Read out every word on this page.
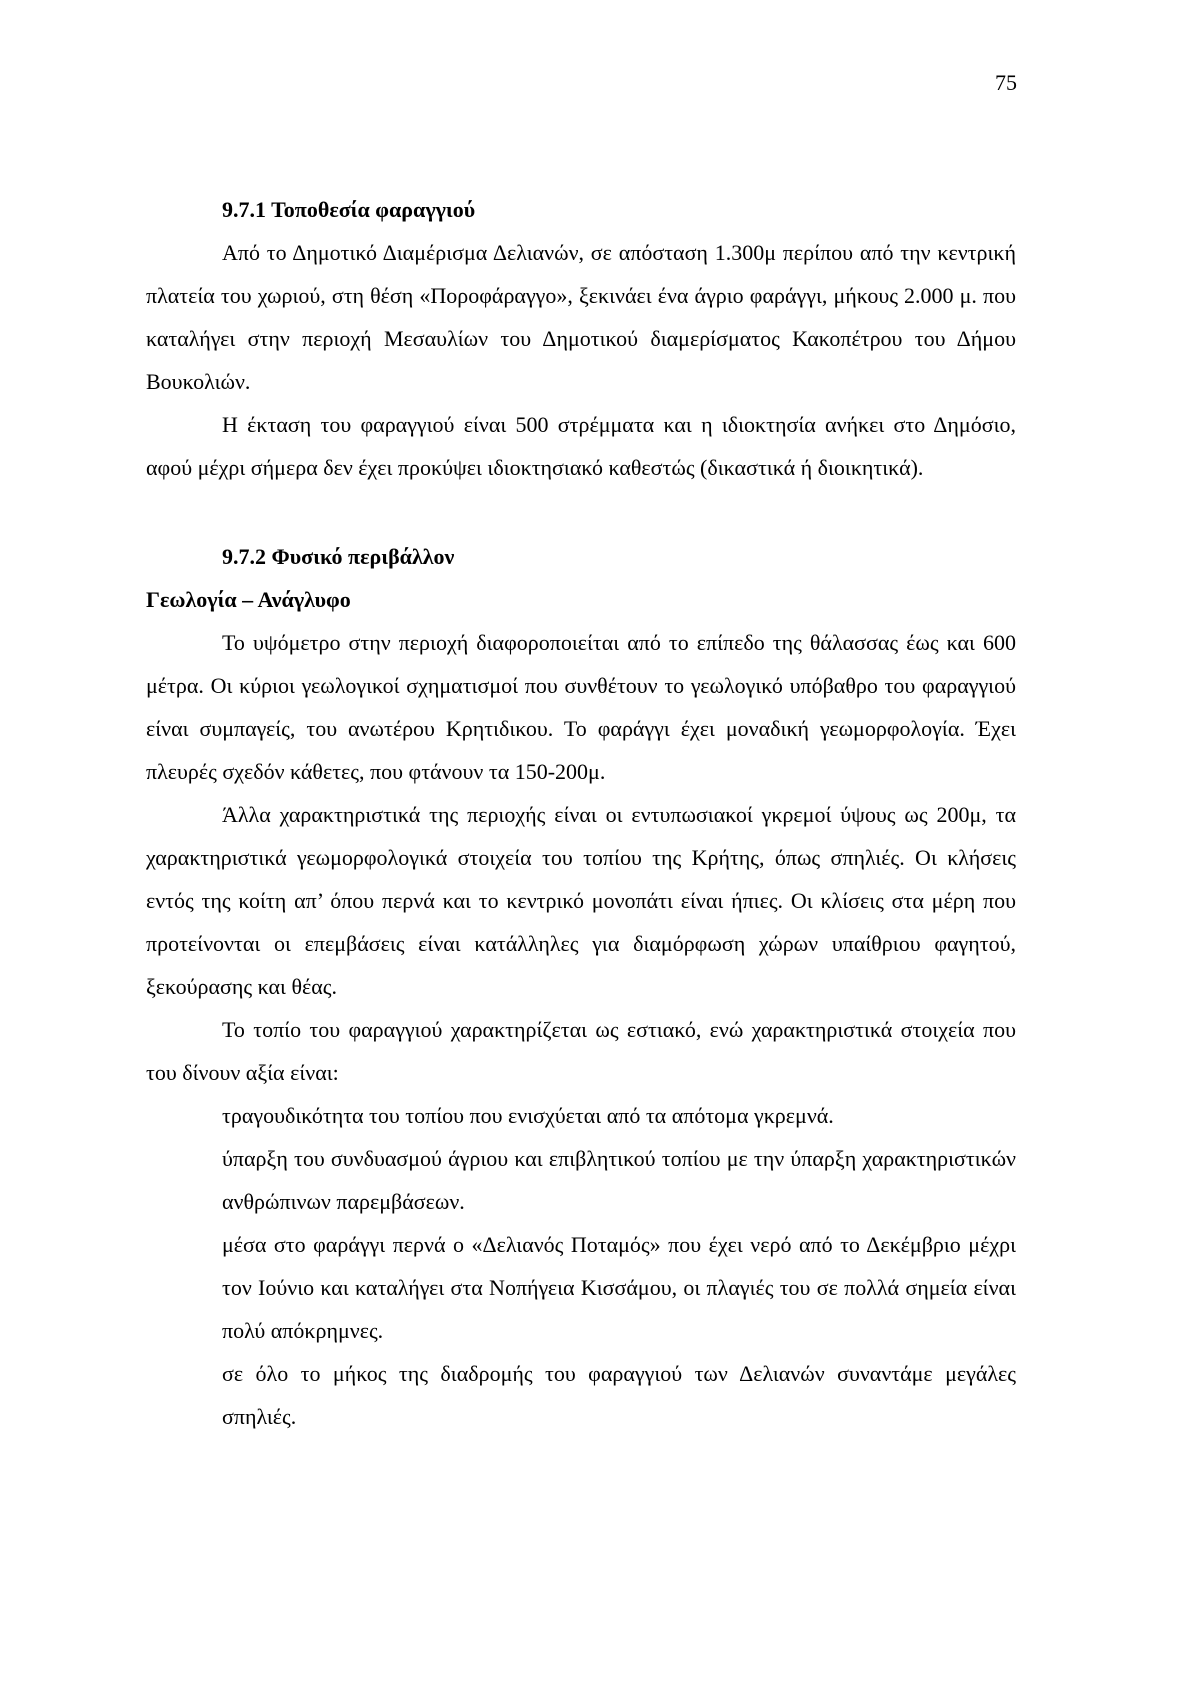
75

9.7.1 Τοποθεσία φαραγγιού

Από το Δημοτικό Διαμέρισμα Δελιανών, σε απόσταση 1.300μ περίπου από την κεντρική πλατεία του χωριού, στη θέση «Ποροφάραγγο», ξεκινάει ένα άγριο φαράγγι, μήκους 2.000 μ. που καταλήγει στην περιοχή Μεσαυλίων του Δημοτικού διαμερίσματος Κακοπέτρου του Δήμου Βουκολιών.

Η έκταση του φαραγγιού είναι 500 στρέμματα και η ιδιοκτησία ανήκει στο Δημόσιο, αφού μέχρι σήμερα δεν έχει προκύψει ιδιοκτησιακό καθεστώς (δικαστικά ή διοικητικά).

9.7.2 Φυσικό περιβάλλον

Γεωλογία – Ανάγλυφο

Το υψόμετρο στην περιοχή διαφοροποιείται από το επίπεδο της θάλασσας έως και 600 μέτρα. Οι κύριοι γεωλογικοί σχηματισμοί που συνθέτουν το γεωλογικό υπόβαθρο του φαραγγιού είναι συμπαγείς, του ανωτέρου Κρητιδικου. Το φαράγγι έχει μοναδική γεωμορφολογία. Έχει πλευρές σχεδόν κάθετες, που φτάνουν τα 150-200μ.

Άλλα χαρακτηριστικά της περιοχής είναι οι εντυπωσιακοί γκρεμοί ύψους ως 200μ, τα χαρακτηριστικά γεωμορφολογικά στοιχεία του τοπίου της Κρήτης, όπως σπηλιές. Οι κλήσεις εντός της κοίτη απ’ όπου περνά και το κεντρικό μονοπάτι είναι ήπιες. Οι κλίσεις στα μέρη που προτείνονται οι επεμβάσεις είναι κατάλληλες για διαμόρφωση χώρων υπαίθριου φαγητού, ξεκούρασης και θέας.

Το τοπίο του φαραγγιού χαρακτηρίζεται ως εστιακό, ενώ χαρακτηριστικά στοιχεία που του δίνουν αξία είναι:

τραγουδικότητα του τοπίου που ενισχύεται από τα απότομα γκρεμνά.

ύπαρξη του συνδυασμού άγριου και επιβλητικού τοπίου με την ύπαρξη χαρακτηριστικών ανθρώπινων παρεμβάσεων.

μέσα στο φαράγγι περνά ο «Δελιανός Ποταμός» που έχει νερό από το Δεκέμβριο μέχρι τον Ιούνιο και καταλήγει στα Νοπήγεια Κισσάμου, οι πλαγιές του σε πολλά σημεία είναι πολύ απόκρημνες.

σε όλο το μήκος της διαδρομής του φαραγγιού των Δελιανών συναντάμε μεγάλες σπηλιές.
